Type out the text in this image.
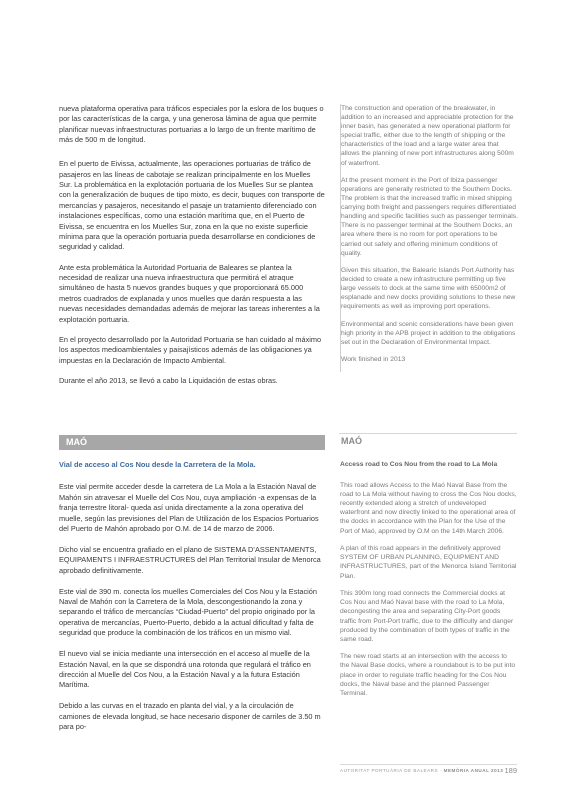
nueva plataforma operativa para tráficos especiales por la eslora de los buques o por las características de la carga, y una generosa lámina de agua que permite planificar nuevas infraestructuras portuarias a lo largo de un frente marítimo de más de 500 m de longitud.

En el puerto de Eivissa, actualmente, las operaciones portuarias de tráfico de pasajeros en las líneas de cabotaje se realizan principalmente en los Muelles Sur. La problemática en la explotación portuaria de los Muelles Sur se plantea con la generalización de buques de tipo mixto, es decir, buques con transporte de mercancías y pasajeros, necesitando el pasaje un tratamiento diferenciado con instalaciones específicas, como una estación marítima que, en el Puerto de Eivissa, se encuentra en los Muelles Sur, zona en la que no existe superficie mínima para que la operación portuaria pueda desarrollarse en condiciones de seguridad y calidad.

Ante esta problemática la Autoridad Portuaria de Baleares se plantea la necesidad de realizar una nueva infraestructura que permitirá el atraque simultáneo de hasta 5 nuevos grandes buques y que proporcionará 65.000 metros cuadrados de explanada y unos muelles que darán respuesta a las nuevas necesidades demandadas además de mejorar las tareas inherentes a la explotación portuaria.

En el proyecto desarrollado por la Autoridad Portuaria se han cuidado al máximo los aspectos medioambientales y paisajísticos además de las obligaciones ya impuestas en la Declaración de Impacto Ambiental.

Durante el año 2013, se llevó a cabo la Liquidación de estas obras.

The construction and operation of the breakwater, in addition to an increased and appreciable protection for the inner basin, has generated a new operational platform for special traffic, either due to the length of shipping or the characteristics of the load and a large water area that allows the planning of new port infrastructures along 500m of waterfront.

At the present moment in the Port of Ibiza passenger operations are generally restricted to the Southern Docks. The problem is that the increased traffic in mixed shipping carrying both freight and passengers requires differentiated handling and specific facilities such as passenger terminals. There is no passenger terminal at the Southern Docks, an area where there is no room for port operations to be carried out safely and offering minimum conditions of quality.

Given this situation, the Balearic Islands Port Authority has decided to create a new infrastructure permitting up five large vessels to dock at the same time with 65000m2 of esplanade and new docks providing solutions to these new requirements as well as improving port operations.

Environmental and scenic considerations have been given high priority in the APB project in addition to the obligations set out in the Declaration of Environmental Impact.

Work finished in 2013

MAÓ	MAÓ

Vial de acceso al Cos Nou desde la Carretera de la Mola.

Este vial permite acceder desde la carretera de La Mola a la Estación Naval de Mahón sin atravesar el Muelle del Cos Nou, cuya ampliación -a expensas de la franja terrestre litoral- queda así unida directamente a la zona operativa del muelle, según las previsiones del Plan de Utilización de los Espacios Portuarios del Puerto de Mahón aprobado por O.M. de 14 de marzo de 2006.

Dicho vial se encuentra grafiado en el plano de SISTEMA D’ASSENTAMENTS, EQUIPAMENTS I INFRAESTRUCTURES del Plan Territorial Insular de Menorca aprobado definitivamente.

Este vial de 390 m. conecta los muelles Comerciales del Cos Nou y la Estación Naval de Mahón con la Carretera de la Mola, descongestionando la zona y separando el tráfico de mercancías “Ciudad-Puerto” del propio originado por la operativa de mercancías, Puerto-Puerto, debido a la actual dificultad y falta de seguridad que produce la combinación de los tráficos en un mismo vial.

El nuevo vial se inicia mediante una intersección en el acceso al muelle de la Estación Naval, en la que se dispondrá una rotonda que regulará el tráfico en dirección al Muelle del Cos Nou, a la Estación Naval y a la futura Estación Marítima.

Debido a las curvas en el trazado en planta del vial, y a la circulación de camiones de elevada longitud, se hace necesario disponer de carriles de 3.50 m para po-

Access road to Cos Nou from the road to La Mola

This road allows Access to the Maó Naval Base from the road to La Mola without having to cross the Cos Nou docks, recently extended along a stretch of undeveloped waterfront and now directly linked to the operational area of the docks in accordance with the Plan for the Use of the Port of Maó, approved by O.M on the 14th March 2006.

A plan of this road appears in the definitively approved SYSTEM OF URBAN PLANNING, EQUIPMENT AND INFRASTRUCTURES, part of the Menorca Island Territorial Plan.

This 390m long road connects the Commercial docks at Cos Nou and Maó Naval base with the road to La Mola, decongesting the area and separating City-Port goods traffic from Port-Port traffic, due to the difficulty and danger produced by the combination of both types of traffic in the same road.

The new road starts at an intersection with the access to the Naval Base docks, where a roundabout is to be put into place in order to regulate traffic heading for the Cos Nou docks, the Naval base and the planned Passenger Terminal.

AUTORITAT PORTUÀRIA DE BALEARS · MEMÒRIA ANUAL 2013 189
